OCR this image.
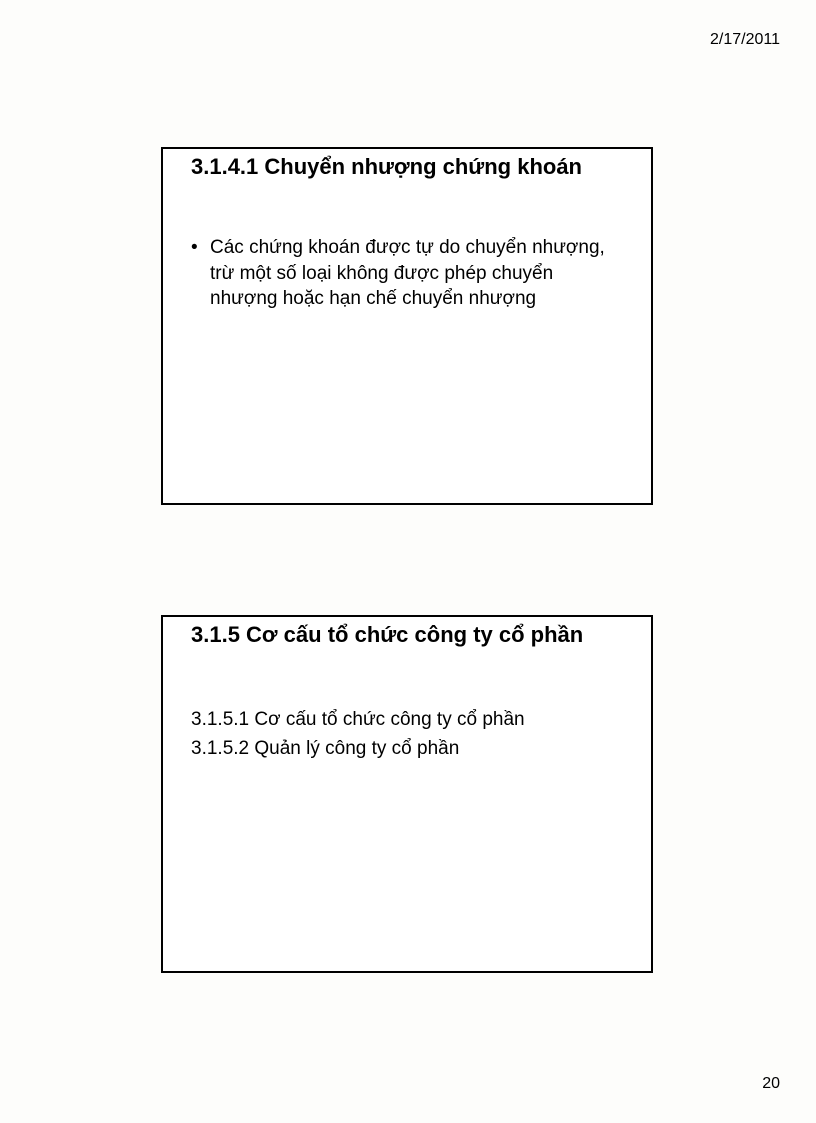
2/17/2011
3.1.4.1 Chuyển nhượng chứng khoán
• Các chứng khoán được tự do chuyển nhượng, trừ một số loại không được phép chuyển nhượng hoặc hạn chế chuyển nhượng
3.1.5 Cơ cấu tổ chức công ty cổ phần
3.1.5.1 Cơ cấu tổ chức công ty cổ phần
3.1.5.2 Quản lý công ty cổ phần
20
